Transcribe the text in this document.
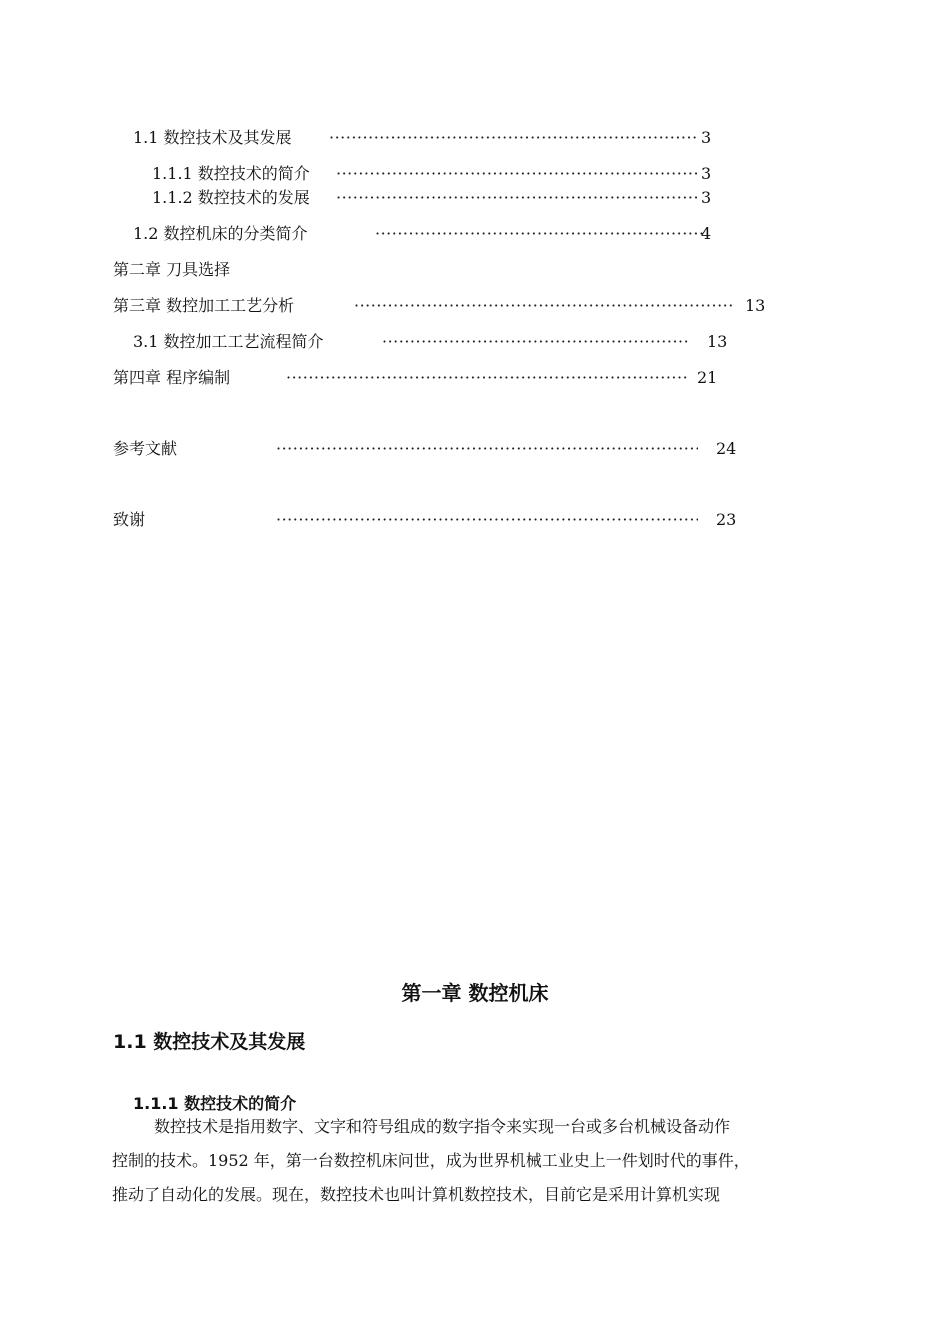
1.1 数控技术及其发展 ·····	3
1.1.1 数控技术的简介 ·····	3
1.1.2 数控技术的发展 ·····	3
1.2 数控机床的分类简介 ·····	4
第二章 刀具选择
第三章 数控加工工艺分析 ·····	13
3.1 数控加工工艺流程简介 ·····	13
第四章 程序编制 ·····	21
参考文献 ·····	24
致谢 ·····	23
第一章 数控机床
1.1 数控技术及其发展
1.1.1 数控技术的简介
数控技术是指用数字、文字和符号组成的数字指令来实现一台或多台机械设备动作
控制的技术。1952 年，第一台数控机床问世，成为世界机械工业史上一件划时代的事件，
推动了自动化的发展。现在，数控技术也叫计算机数控技术，目前它是采用计算机实现
